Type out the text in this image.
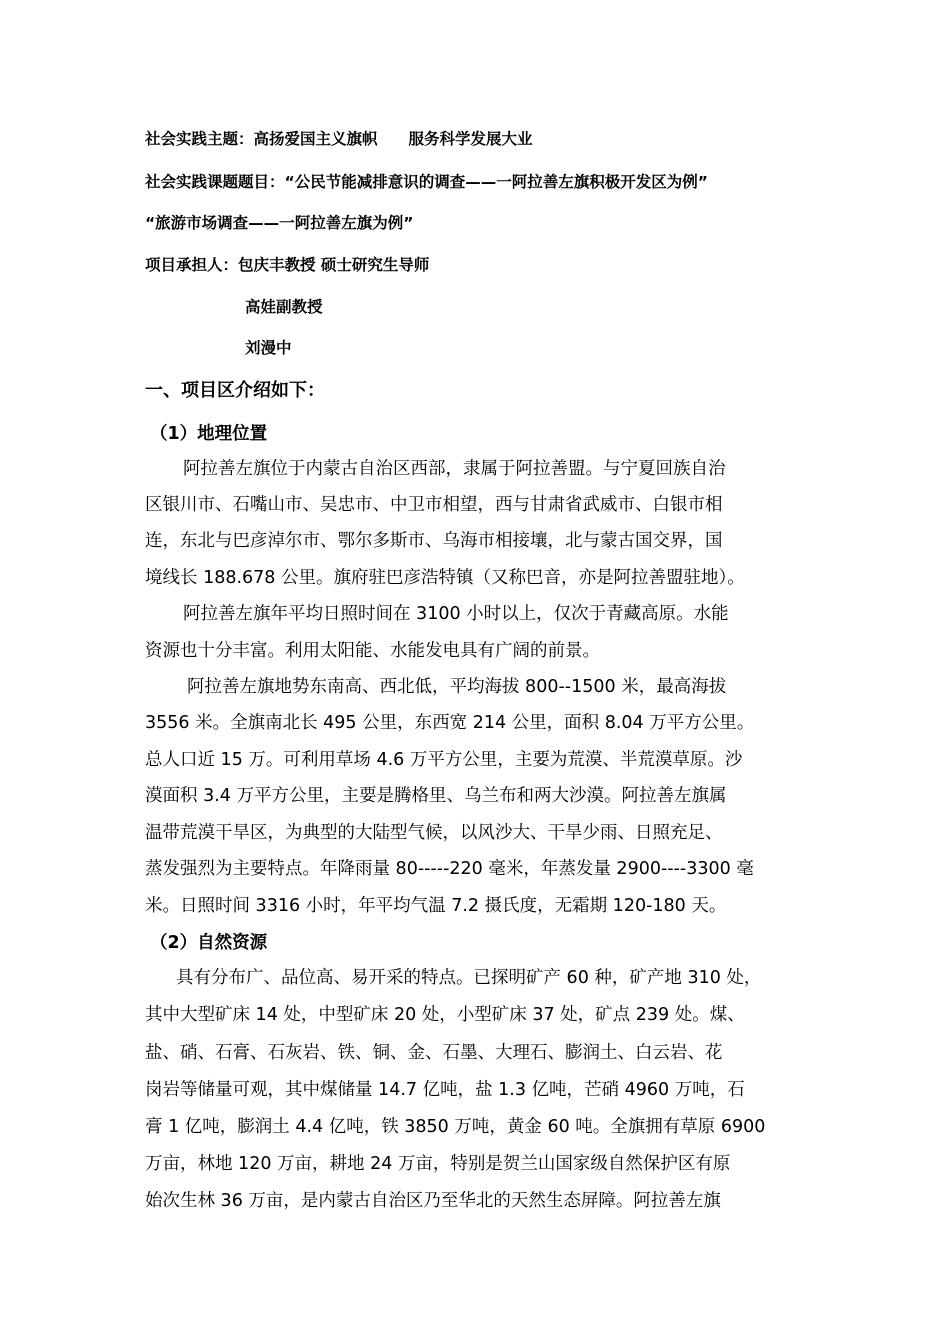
社会实践主题：高扬爱国主义旗帜　　服务科学发展大业
社会实践课题题目：“公民节能减排意识的调查——一阿拉善左旗积极开发区为例”
“旅游市场调查——一阿拉善左旗为例”
项目承担人：包庆丰教授 硕士研究生导师
高娃副教授
刘漫中
一、项目区介绍如下：
（1）地理位置
阿拉善左旗位于内蒙古自治区西部，隶属于阿拉善盟。与宁夏回族自治
区银川市、石嘴山市、吴忠市、中卫市相望，西与甘肃省武威市、白银市相
连，东北与巴彦淖尔市、鄂尔多斯市、乌海市相接壤，北与蒙古国交界，国
境线长 188.678 公里。旗府驻巴彦浩特镇（又称巴音，亦是阿拉善盟驻地）。
阿拉善左旗年平均日照时间在 3100 小时以上，仅次于青藏高原。水能
资源也十分丰富。利用太阳能、水能发电具有广阔的前景。
阿拉善左旗地势东南高、西北低，平均海拔 800--1500 米，最高海拔
3556 米。全旗南北长 495 公里，东西宽 214 公里，面积 8.04 万平方公里。
总人口近 15 万。可利用草场 4.6 万平方公里，主要为荒漠、半荒漠草原。沙
漠面积 3.4 万平方公里，主要是腾格里、乌兰布和两大沙漠。阿拉善左旗属
温带荒漠干旱区，为典型的大陆型气候，以风沙大、干旱少雨、日照充足、
蒸发强烈为主要特点。年降雨量 80-----220 毫米，年蒸发量 2900----3300 毫
米。日照时间 3316 小时，年平均气温 7.2 摄氏度，无霜期 120-180 天。
（2）自然资源
具有分布广、品位高、易开采的特点。已探明矿产 60 种，矿产地 310 处，
其中大型矿床 14 处，中型矿床 20 处，小型矿床 37 处，矿点 239 处。煤、
盐、硝、石膏、石灰岩、铁、铜、金、石墨、大理石、膨润土、白云岩、花
岗岩等储量可观，其中煤储量 14.7 亿吨，盐 1.3 亿吨，芒硝 4960 万吨，石
膏 1 亿吨，膨润土 4.4 亿吨，铁 3850 万吨，黄金 60 吨。全旗拥有草原 6900
万亩，林地 120 万亩，耕地 24 万亩，特别是贺兰山国家级自然保护区有原
始次生林 36 万亩，是内蒙古自治区乃至华北的天然生态屏障。阿拉善左旗
